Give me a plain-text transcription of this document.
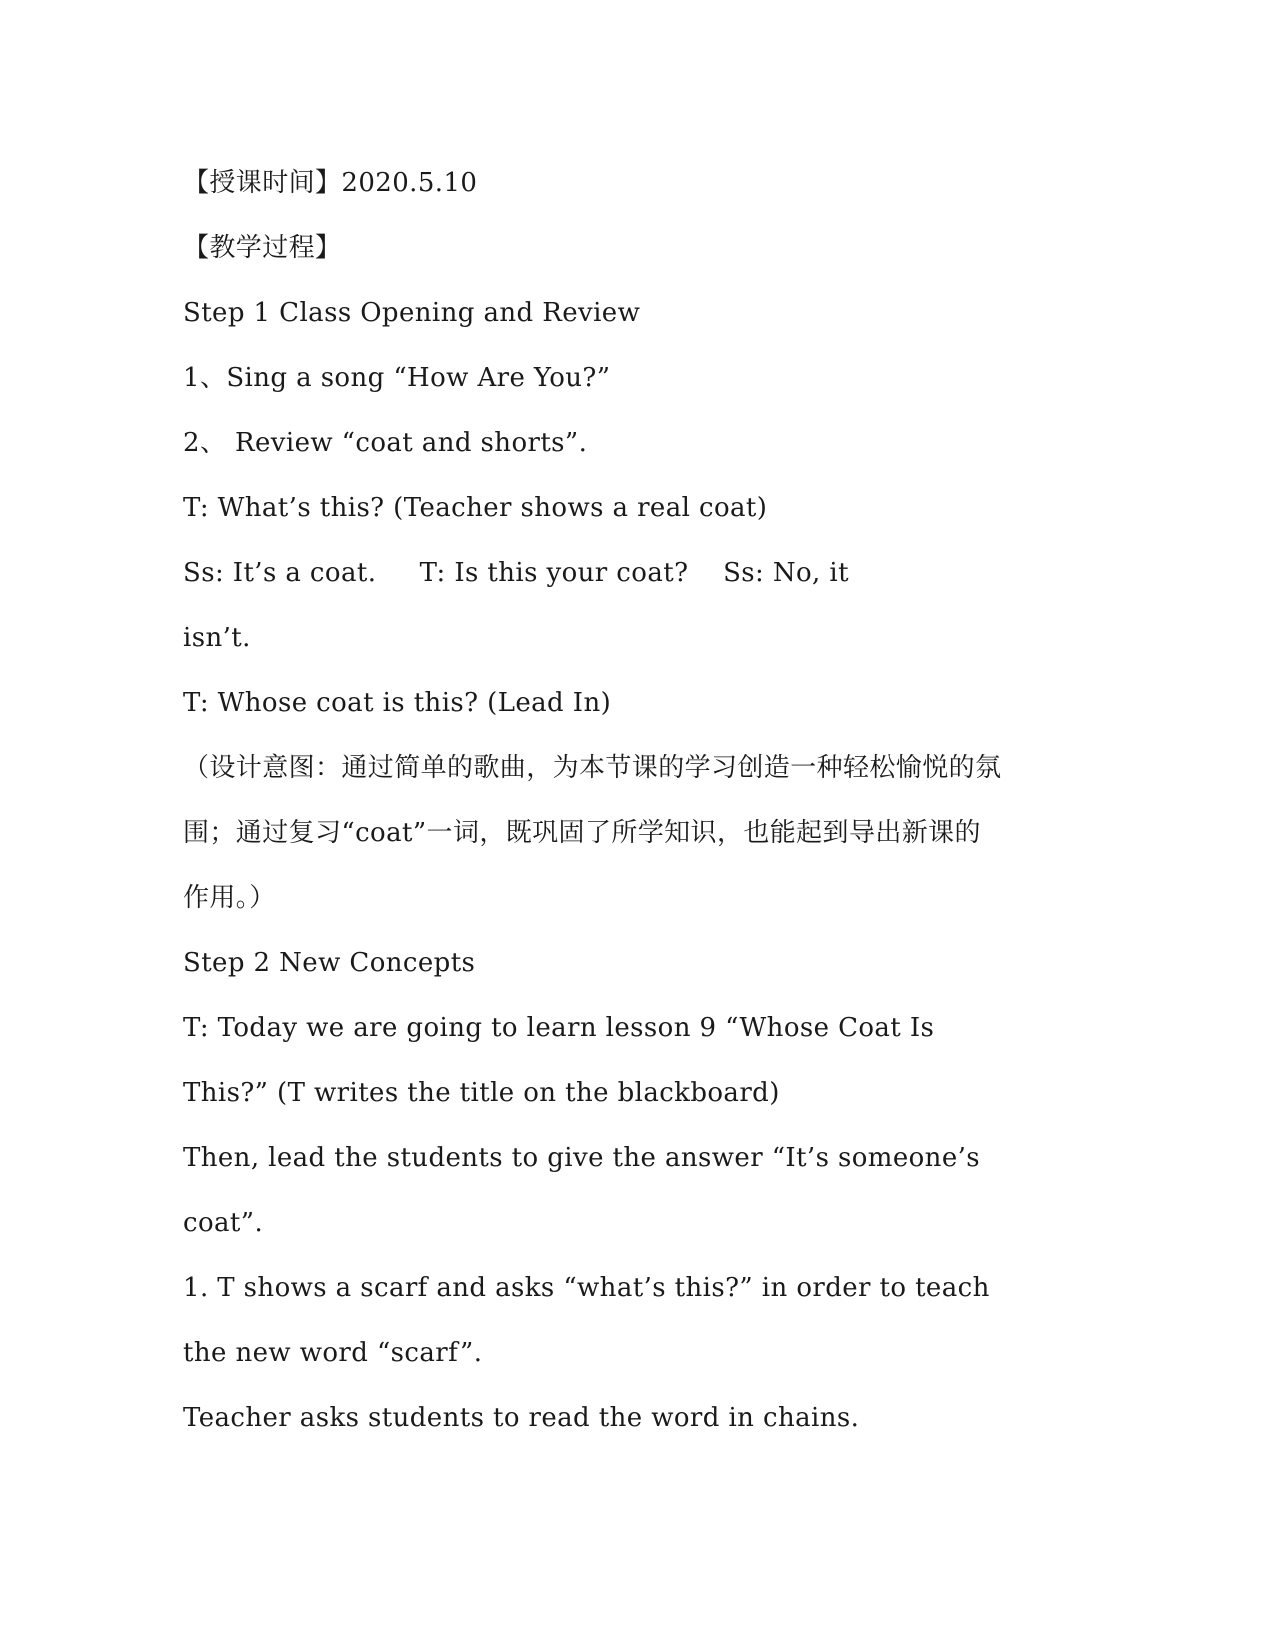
【授课时间】2020.5.10
【教学过程】
Step 1 Class Opening and Review
1、Sing a song “How Are You?”
2、 Review “coat and shorts”.
T: What’s this? (Teacher shows a real coat)
Ss: It’s a coat.     T: Is this your coat?    Ss: No, it
isn’t.
T: Whose coat is this? (Lead In)
（设计意图：通过简单的歌曲，为本节课的学习创造一种轻松愉悦的氛
围；通过复习“coat”一词，既巩固了所学知识，也能起到导出新课的
作用。）
Step 2 New Concepts
T: Today we are going to learn lesson 9 “Whose Coat Is
This?” (T writes the title on the blackboard)
Then, lead the students to give the answer “It’s someone’s
coat”.
1. T shows a scarf and asks “what’s this?” in order to teach
the new word “scarf”.
Teacher asks students to read the word in chains.
